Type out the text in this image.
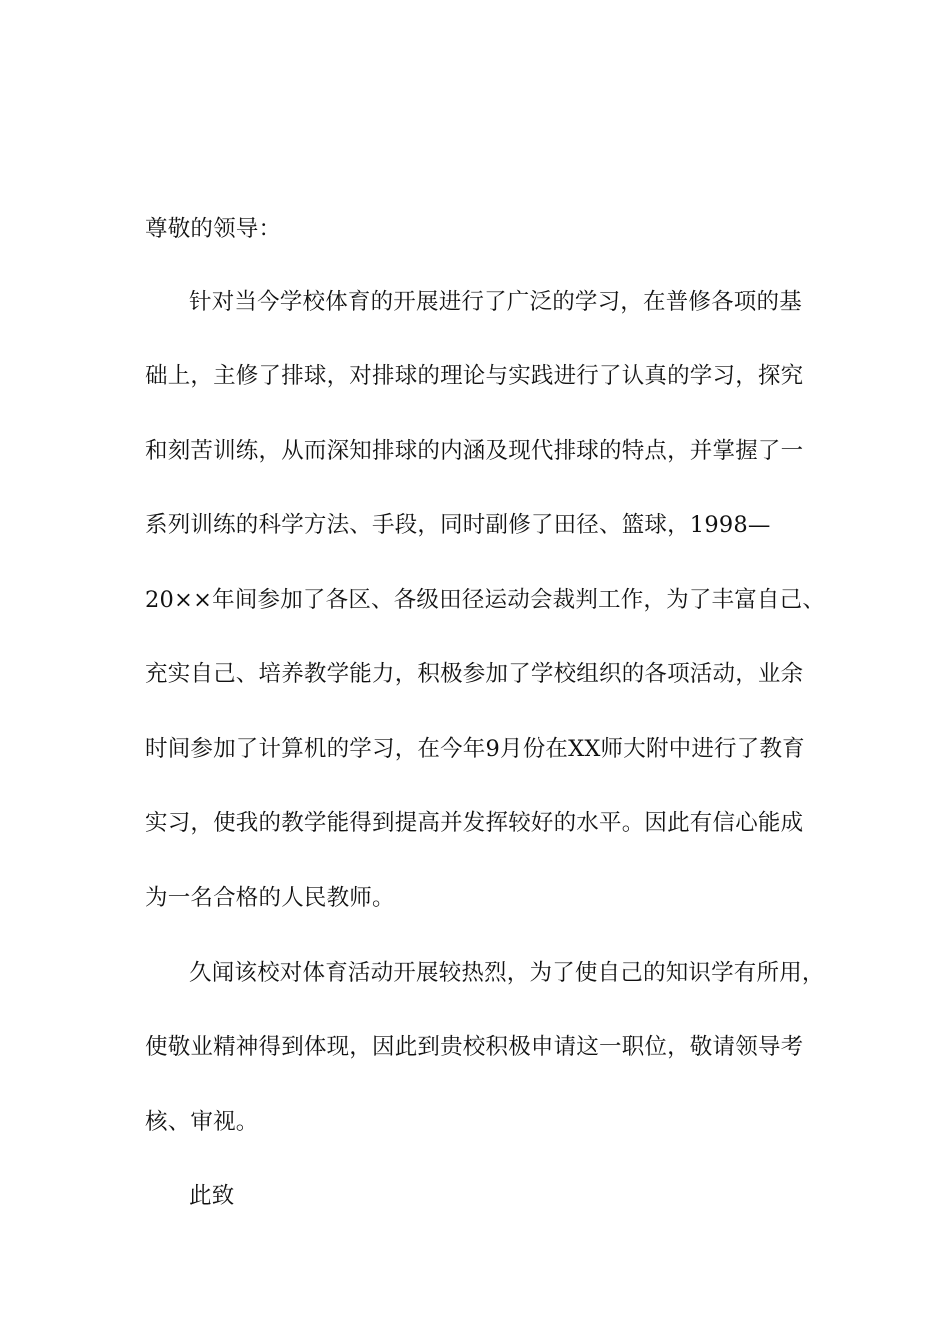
尊敬的领导：

针对当今学校体育的开展进行了广泛的学习，在普修各项的基

础上，主修了排球，对排球的理论与实践进行了认真的学习，探究

和刻苦训练，从而深知排球的内涵及现代排球的特点，并掌握了一

系列训练的科学方法、手段，同时副修了田径、篮球，1998—

20××年间参加了各区、各级田径运动会裁判工作，为了丰富自己、

充实自己、培养教学能力，积极参加了学校组织的各项活动，业余

时间参加了计算机的学习，在今年9月份在XX师大附中进行了教育

实习，使我的教学能得到提高并发挥较好的水平。因此有信心能成

为一名合格的人民教师。

久闻该校对体育活动开展较热烈，为了使自己的知识学有所用，

使敬业精神得到体现，因此到贵校积极申请这一职位，敬请领导考

核、审视。

此致
